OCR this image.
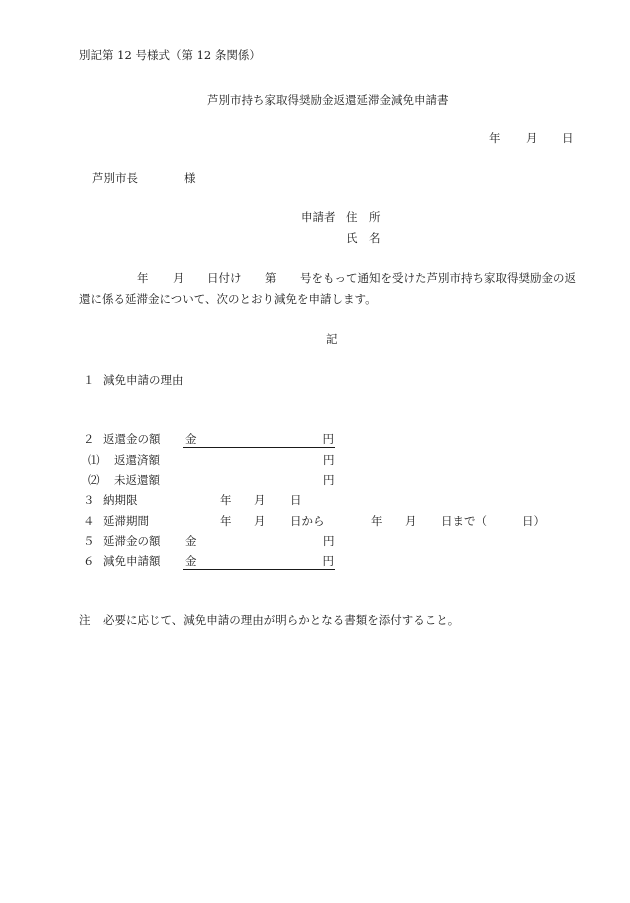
別記第 12 号様式（第 12 条関係）
芦別市持ち家取得奨励金返還延滞金減免申請書
年 月 日
芦別市長	様
申請者 住　所
氏　名
年 月 日付け 第 号をもって通知を受けた芦別市持ち家取得奨励金の返
還に係る延滞金について、次のとおり減免を申請します。
記
１ 減免申請の理由
２ 返還金の額 金	円
⑴ 返還済額	円
⑵ 未返還額	円
３ 納期限	年 月 日
４ 延滞期間	年 月 日から	年 月 日まで（	日）
５ 延滞金の額 金	円
６ 減免申請額 金	円
注 必要に応じて、減免申請の理由が明らかとなる書類を添付すること。
